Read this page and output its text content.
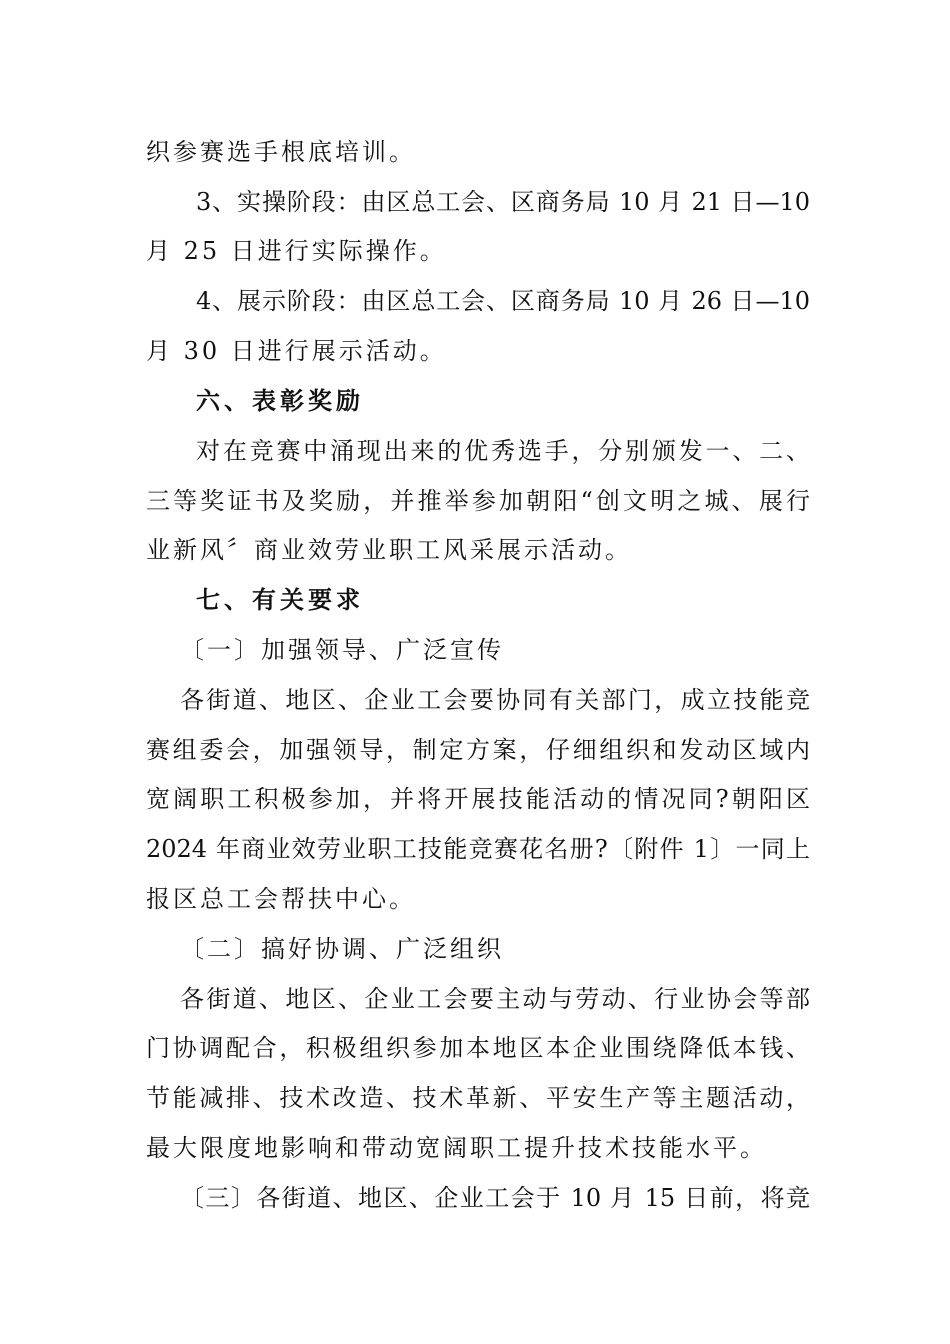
织参赛选手根底培训。
3、实操阶段：由区总工会、区商务局 10 月 21 日—10
月 25 日进行实际操作。
4、展示阶段：由区总工会、区商务局 10 月 26 日—10
月 30 日进行展示活动。
六、表彰奖励
对在竞赛中涌现出来的优秀选手，分别颁发一、二、
三等奖证书及奖励，并推举参加朝阳“创文明之城、展行
业新风〞商业效劳业职工风采展示活动。
七、有关要求
〔一〕加强领导、广泛宣传
各街道、地区、企业工会要协同有关部门，成立技能竞
赛组委会，加强领导，制定方案，仔细组织和发动区域内
宽阔职工积极参加，并将开展技能活动的情况同?朝阳区
2024 年商业效劳业职工技能竞赛花名册?〔附件 1〕一同上
报区总工会帮扶中心。
〔二〕搞好协调、广泛组织
各街道、地区、企业工会要主动与劳动、行业协会等部
门协调配合，积极组织参加本地区本企业围绕降低本钱、
节能减排、技术改造、技术革新、平安生产等主题活动，
最大限度地影响和带动宽阔职工提升技术技能水平。
〔三〕各街道、地区、企业工会于 10 月 15 日前，将竞
